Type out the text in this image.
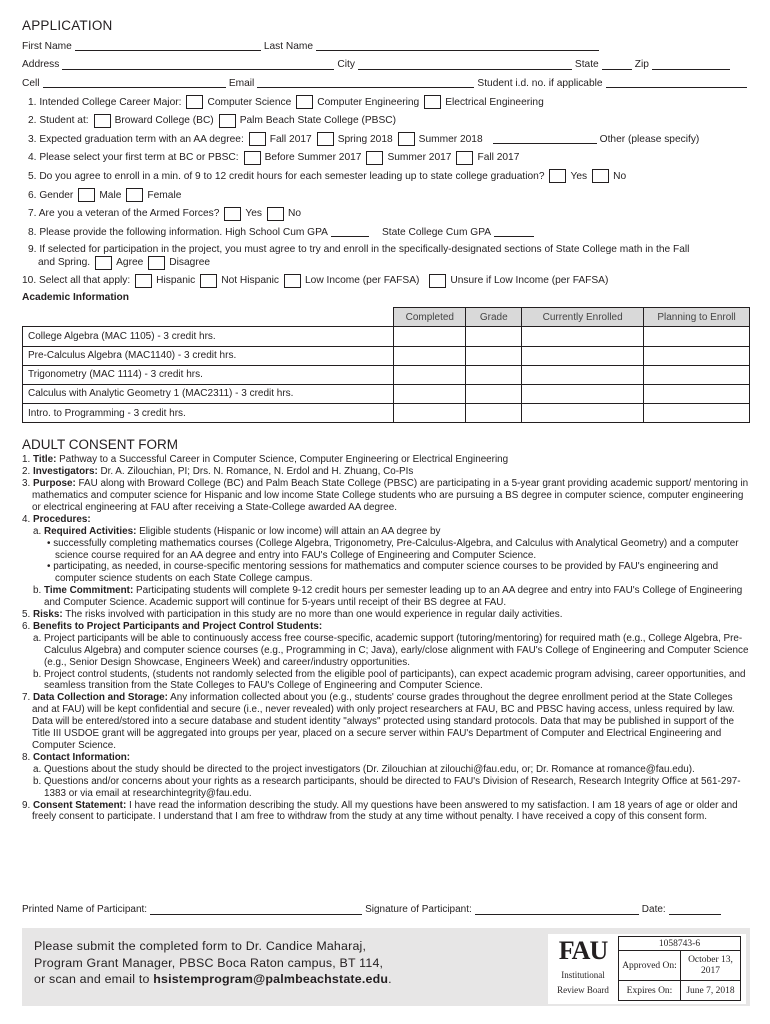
APPLICATION
First Name	Last Name
Address	City	State	Zip
Cell	Email	Student i.d. no. if applicable
1. Intended College Career Major:	Computer Science	Computer Engineering	Electrical Engineering
2. Student at:	Broward College (BC)	Palm Beach State College (PBSC)
3. Expected graduation term with an AA degree:	Fall 2017	Spring 2018	Summer 2018	Other (please specify)
4. Please select your first term at BC or PBSC:	Before Summer 2017	Summer 2017	Fall 2017
5. Do you agree to enroll in a min. of 9 to 12 credit hours for each semester leading up to state college graduation?	Yes	No
6. Gender	Male	Female
7. Are you a veteran of the Armed Forces?	Yes	No
8. Please provide the following information. High School Cum GPA	State College Cum GPA
9. If selected for participation in the project, you must agree to try and enroll in the specifically-designated sections of State College math in the Fall
and Spring.	Agree	Disagree
10. Select all that apply:	Hispanic	Not Hispanic	Low Income (per FAFSA)	Unsure if Low Income (per FAFSA)
Academic Information
	Completed	Grade	Currently Enrolled	Planning to Enroll
College Algebra (MAC 1105) - 3 credit hrs.				
Pre-Calculus Algebra (MAC1140) - 3 credit hrs.				
Trigonometry (MAC 1114) - 3 credit hrs.				
Calculus with Analytic Geometry 1 (MAC2311) - 3 credit hrs.				
Intro. to Programming - 3 credit hrs.				
ADULT CONSENT FORM

1. Title: Pathway to a Successful Career in Computer Science, Computer Engineering or Electrical Engineering

2. Investigators: Dr. A. Zilouchian, PI; Drs. N. Romance, N. Erdol and H. Zhuang, Co-PIs

3. Purpose: FAU along with Broward College (BC) and Palm Beach State College (PBSC) are participating in a 5-year grant providing academic support/ mentoring in mathematics and computer science for Hispanic and low income State College students who are pursuing a BS degree in computer science, computer engineering or electrical engineering at FAU after receiving a State-College awarded AA degree.

4. Procedures:

a. Required Activities: Eligible students (Hispanic or low income) will attain an AA degree by

• successfully completing mathematics courses (College Algebra, Trigonometry, Pre-Calculus-Algebra, and Calculus with Analytical Geometry) and a computer science course required for an AA degree and entry into FAU's College of Engineering and Computer Science.

• participating, as needed, in course-specific mentoring sessions for mathematics and computer science courses to be provided by FAU's engineering and computer science students on each State College campus.

b. Time Commitment: Participating students will complete 9-12 credit hours per semester leading up to an AA degree and entry into FAU's College of Engineering and Computer Science. Academic support will continue for 5-years until receipt of their BS degree at FAU.

5. Risks: The risks involved with participation in this study are no more than one would experience in regular daily activities.

6. Benefits to Project Participants and Project Control Students:

a. Project participants will be able to continuously access free course-specific, academic support (tutoring/mentoring) for required math (e.g., College Algebra, Pre-Calculus Algebra) and computer science courses (e.g., Programming in C; Java), early/close alignment with FAU's College of Engineering and Computer Science (e.g., Senior Design Showcase, Engineers Week) and career/industry opportunities.

b. Project control students, (students not randomly selected from the eligible pool of participants), can expect academic program advising, career opportunities, and seamless transition from the State Colleges to FAU's College of Engineering and Computer Science.

7. Data Collection and Storage: Any information collected about you (e.g., students' course grades throughout the degree enrollment period at the State Colleges and at FAU) will be kept confidential and secure (i.e., never revealed) with only project researchers at FAU, BC and PBSC having access, unless required by law. Data will be entered/stored into a secure database and student identity "always" protected using standard protocols. Data that may be published in support of the Title III USDOE grant will be aggregated into groups per year, placed on a secure server within FAU's Department of Computer and Electrical Engineering and Computer Science.

8. Contact Information:

a. Questions about the study should be directed to the project investigators (Dr. Zilouchian at zilouchi@fau.edu, or; Dr. Romance at romance@fau.edu).

b. Questions and/or concerns about your rights as a research participants, should be directed to FAU's Division of Research, Research Integrity Office at 561-297-1383 or via email at researchintegrity@fau.edu.

9. Consent Statement: I have read the information describing the study. All my questions have been answered to my satisfaction. I am 18 years of age or older and freely consent to participate. I understand that I am free to withdraw from the study at any time without penalty. I have received a copy of this consent form.

Printed Name of Participant:	Signature of Participant:	Date:
Please submit the completed form to Dr. Candice Maharaj,
Program Grant Manager, PBSC Boca Raton campus, BT 114,
or scan and email to hsistemprogram@palmbeachstate.edu.
FAU
Institutional
Review Board
1058743-6	
Approved On:	October 13, 2017
Expires On:	June 7, 2018
